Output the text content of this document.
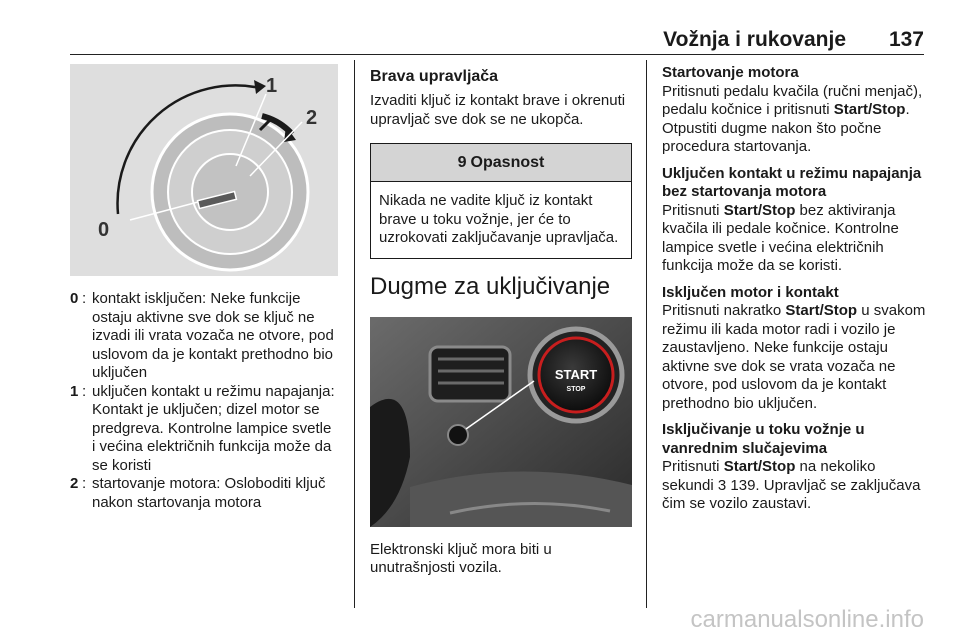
Vožnja i rukovanje 137
1
2
0
0 : kontakt isključen: Neke funkcije ostaju aktivne sve dok se ključ ne izvadi ili vrata vozača ne otvore, pod uslovom da je kontakt prethodno bio uključen
1 : uključen kontakt u režimu napajanja: Kontakt je uključen; dizel motor se predgreva. Kontrolne lampice svetle i većina električnih funkcija može da se koristi
2 : startovanje motora: Osloboditi ključ nakon startovanja motora
Brava upravljača
Izvaditi ključ iz kontakt brave i okrenuti upravljač sve dok se ne ukopča.
9 Opasnost
Nikada ne vadite ključ iz kontakt brave u toku vožnje, jer će to uzrokovati zaključavanje upravljača.
Dugme za uključivanje
START
STOP
Elektronski ključ mora biti u unutrašnjosti vozila.
Startovanje motora
Pritisnuti pedalu kvačila (ručni menjač), pedalu kočnice i pritisnuti Start/Stop. Otpustiti dugme nakon što počne procedura startovanja.
Uključen kontakt u režimu napajanja bez startovanja motora
Pritisnuti Start/Stop bez aktiviranja kvačila ili pedale kočnice. Kontrolne lampice svetle i većina električnih funkcija može da se koristi.
Isključen motor i kontakt
Pritisnuti nakratko Start/Stop u svakom režimu ili kada motor radi i vozilo je zaustavljeno. Neke funkcije ostaju aktivne sve dok se vrata vozača ne otvore, pod uslovom da je kontakt prethodno bio uključen.
Isključivanje u toku vožnje u vanrednim slučajevima
Pritisnuti Start/Stop na nekoliko sekundi 3 139. Upravljač se zaključava čim se vozilo zaustavi.
carmanualsonline.info
